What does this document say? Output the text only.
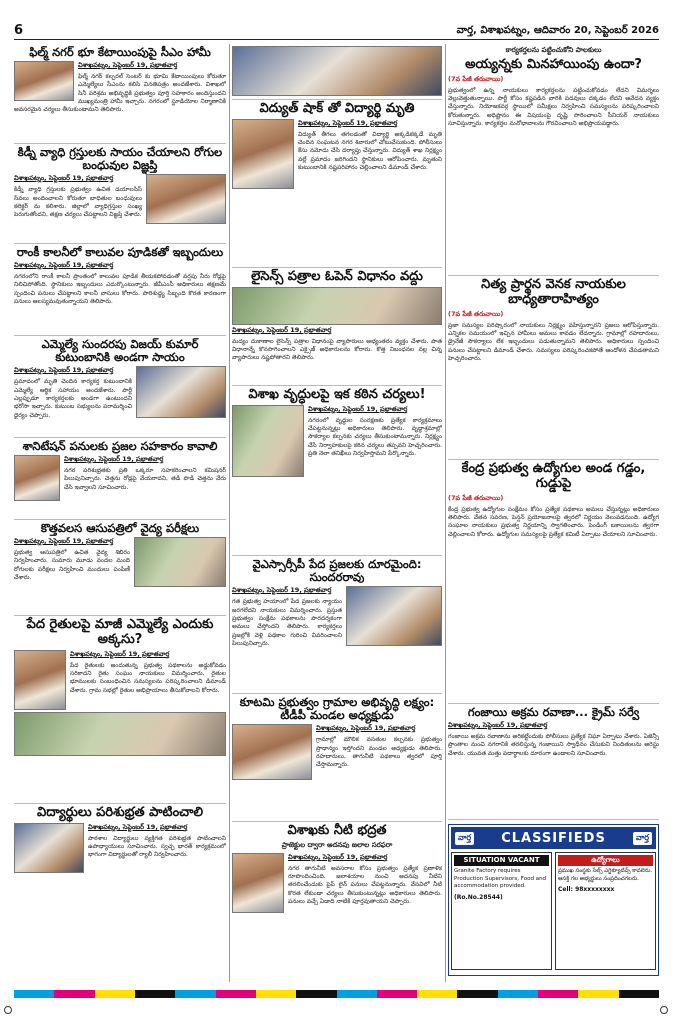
6	వార్త, విశాఖపట్నం, ఆదివారం 20, సెప్టెంబర్ 2026
ఫిల్మ్ నగర్ భూ కేటాయింపుపై సీఎం హామీ
విశాఖపట్నం, సెప్టెంబర్ 19, ప్రభాతవార్త
ఫిల్మ్ నగర్ కల్చరల్ సెంటర్ కు భూమి కేటాయింపులు కోరుతూ ఎమ్మెల్యేలు సీఎంను కలిసి వినతిపత్రం అందజేశారు. విశాఖలో సినీ పరిశ్రమ అభివృద్ధికి ప్రభుత్వం పూర్తి సహకారం అందిస్తుందని ముఖ్యమంత్రి హామీ ఇచ్చారు. నగరంలో స్టూడియోల నిర్మాణానికి అవసరమైన చర్యలు తీసుకుంటామని తెలిపారు.
కిడ్నీ వ్యాధి గ్రస్తులకు సాయం చేయాలని రోగుల బంధువుల విజ్ఞప్తి
విశాఖపట్నం, సెప్టెంబర్ 19, ప్రభాతవార్త
కిడ్నీ వ్యాధి గ్రస్తులకు ప్రభుత్వం ఉచిత డయాలసిస్ సేవలు అందించాలని కోరుతూ బాధితుల బంధువులు కలెక్టర్ ను కలిశారు. జిల్లాలో వ్యాధిగ్రస్తుల సంఖ్య పెరుగుతోందని, తక్షణ చర్యలు చేపట్టాలని విజ్ఞప్తి చేశారు.
రాంకీ కాలనీలో కాలువల పూడికతో ఇబ్బందులు
విశాఖపట్నం, సెప్టెంబర్ 19, ప్రభాతవార్త
నగరంలోని రాంకీ కాలనీ ప్రాంతంలో కాలువల పూడిక తీయకపోవడంతో వర్షపు నీరు రోడ్లపై నిలిచిపోతోంది. స్థానికులు ఇబ్బందులు ఎదుర్కొంటున్నారు. జీవీఎంసీ అధికారులు తక్షణమే స్పందించి పనులు చేపట్టాలని కాలనీ వాసులు కోరారు. పారిశుద్ధ్య సిబ్బంది కొరత కారణంగా పనులు ఆలస్యమవుతున్నాయని తెలిపారు.
ఎమ్మెల్యే సుందరపు విజయ్ కుమార్ కుటుంబానికి అండగా సాయం
విశాఖపట్నం, సెప్టెంబర్ 19, ప్రభాతవార్త
ప్రమాదంలో మృతి చెందిన కార్యకర్త కుటుంబానికి ఎమ్మెల్యే ఆర్థిక సహాయం అందజేశారు. పార్టీ ఎల్లప్పుడూ కార్యకర్తలకు అండగా ఉంటుందని భరోసా ఇచ్చారు. కుటుంబ సభ్యులను పరామర్శించి ధైర్యం చెప్పారు.
శానిటేషన్ పనులకు ప్రజల సహకారం కావాలి
విశాఖపట్నం, సెప్టెంబర్ 19, ప్రభాతవార్త
నగర పరిశుభ్రతకు ప్రతి ఒక్కరూ సహకరించాలని కమిషనర్ పిలుపునిచ్చారు. చెత్తను రోడ్లపై వేయరాదని, తడి పొడి చెత్తను వేరు చేసి ఇవ్వాలని సూచించారు.
కొత్తవలస ఆసుపత్రిలో వైద్య పరీక్షలు
విశాఖపట్నం, సెప్టెంబర్ 19, ప్రభాతవార్త
ప్రభుత్వ ఆసుపత్రిలో ఉచిత వైద్య శిబిరం నిర్వహించారు. సుమారు మూడు వందల మంది రోగులకు పరీక్షలు నిర్వహించి మందులు పంపిణీ చేశారు.
పేద రైతులపై మాజీ ఎమ్మెల్యే ఎందుకు అక్కసు?
విశాఖపట్నం, సెప్టెంబర్ 19, ప్రభాతవార్త
పేద రైతులకు అందుతున్న ప్రభుత్వ పథకాలను అడ్డుకోవడం సరికాదని రైతు సంఘం నాయకులు విమర్శించారు. రైతుల భూములకు సంబంధించిన సమస్యలను పరిష్కరించాలని డిమాండ్ చేశారు. గ్రామ సభల్లో రైతుల అభిప్రాయాలు తీసుకోవాలని కోరారు.
విద్యార్థులు పరిశుభ్రత పాటించాలి
విశాఖపట్నం, సెప్టెంబర్ 19, ప్రభాతవార్త
పాఠశాల విద్యార్థులు వ్యక్తిగత పరిశుభ్రత పాటించాలని ఉపాధ్యాయులు సూచించారు. స్వచ్ఛ భారత్ కార్యక్రమంలో భాగంగా విద్యార్థులతో ర్యాలీ నిర్వహించారు.
విద్యుత్ షాక్ తో విద్యార్థి మృతి
విశాఖపట్నం, సెప్టెంబర్ 19, ప్రభాతవార్త
విద్యుత్ తీగలు తగలడంతో విద్యార్థి అక్కడికక్కడే మృతి చెందిన సంఘటన నగర శివారులో చోటుచేసుకుంది. పోలీసులు కేసు నమోదు చేసి దర్యాప్తు చేస్తున్నారు. విద్యుత్ శాఖ నిర్లక్ష్యం వల్లే ప్రమాదం జరిగిందని స్థానికులు ఆరోపించారు. మృతుని కుటుంబానికి నష్టపరిహారం చెల్లించాలని డిమాండ్ చేశారు.
లైసెన్స్ పత్రాల ఓపెన్ విధానం వద్దు
విశాఖపట్నం, సెప్టెంబర్ 19, ప్రభాతవార్త
మద్యం దుకాణాల లైసెన్స్ పత్రాల విధానంపై వ్యాపారులు అభ్యంతరం వ్యక్తం చేశారు. పాత విధానాన్నే కొనసాగించాలని ఎక్సైజ్ అధికారులను కోరారు. కొత్త నిబంధనల వల్ల చిన్న వ్యాపారులు నష్టపోతారని తెలిపారు.
విశాఖ వృద్ధులపై ఇక కఠిన చర్యలు!
విశాఖపట్నం, సెప్టెంబర్ 19, ప్రభాతవార్త
నగరంలో వృద్ధుల సంరక్షణకు ప్రత్యేక కార్యక్రమాలు చేపట్టనున్నట్లు అధికారులు తెలిపారు. వృద్ధాశ్రమాల్లో సౌకర్యాల కల్పనకు చర్యలు తీసుకుంటామన్నారు. నిర్లక్ష్యం చేసే నిర్వాహకులపై కఠిన చర్యలు తప్పవని హెచ్చరించారు. ప్రతి నెలా తనిఖీలు నిర్వహిస్తామని పేర్కొన్నారు.
వైఎస్సార్సీపీ పేద ప్రజలకు దూరమైంది: సుందరరావు
విశాఖపట్నం, సెప్టెంబర్ 19, ప్రభాతవార్త
గత ప్రభుత్వ హయాంలో పేద ప్రజలకు న్యాయం జరగలేదని నాయకులు విమర్శించారు. ప్రస్తుత ప్రభుత్వం సంక్షేమ పథకాలను పారదర్శకంగా అమలు చేస్తోందని తెలిపారు. కార్యకర్తలు ప్రజల్లోకి వెళ్లి పథకాల గురించి వివరించాలని పిలుపునిచ్చారు.
కూటమి ప్రభుత్వం గ్రామాల అభివృద్ధి లక్ష్యం: టీడీపీ మండల అధ్యక్షుడు
విశాఖపట్నం, సెప్టెంబర్ 19, ప్రభాతవార్త
గ్రామాల్లో మౌలిక వసతుల కల్పనకు ప్రభుత్వం ప్రాధాన్యం ఇస్తోందని మండల అధ్యక్షుడు తెలిపారు. రహదారులు, తాగునీటి పథకాలు త్వరలో పూర్తి చేస్తామన్నారు.
విశాఖకు నీటి భద్రత
ప్రాజెక్టుల ద్వారా అదనపు జలాల సరఫరా
విశాఖపట్నం, సెప్టెంబర్ 19, ప్రభాతవార్త
నగర తాగునీటి అవసరాల కోసం ప్రభుత్వం ప్రత్యేక ప్రణాళిక రూపొందించింది. జలాశయాల నుంచి అదనపు నీటిని తరలించేందుకు పైప్ లైన్ పనులు చేపట్టనున్నారు. వేసవిలో నీటి కొరత లేకుండా చర్యలు తీసుకుంటున్నట్లు అధికారులు తెలిపారు. పనులు వచ్చే ఏడాది నాటికి పూర్తవుతాయని చెప్పారు.
కార్యకర్తలను పట్టించుకోని పాలకులు
అయ్యన్నకు మినహాయింపు ఉందా?
(7వ పేజీ తరువాయి)
ప్రభుత్వంలో ఉన్న నాయకులు కార్యకర్తలను పట్టించుకోవడం లేదని విమర్శలు వెల్లువెత్తుతున్నాయి. పార్టీ కోసం కష్టపడిన వారికి పదవులు దక్కడం లేదని ఆవేదన వ్యక్తం చేస్తున్నారు. నియోజకవర్గ స్థాయిలో సమీక్షలు నిర్వహించి సమస్యలను పరిష్కరించాలని కోరుతున్నారు. అధిష్టానం ఈ విషయంపై దృష్టి సారించాలని సీనియర్ నాయకులు సూచిస్తున్నారు. కార్యకర్తల మనోభావాలను గౌరవించాలని అభిప్రాయపడ్డారు.
నిత్య ప్రార్థన వెనక నాయకుల బాధ్యతారాహిత్యం
(7వ పేజీ తరువాయి)
ప్రజా సమస్యల పరిష్కారంలో నాయకులు నిర్లక్ష్యం వహిస్తున్నారని ప్రజలు ఆరోపిస్తున్నారు. ఎన్నికల సమయంలో ఇచ్చిన హామీలు అమలు కావడం లేదన్నారు. గ్రామాల్లో రహదారులు, డ్రైనేజీ సౌకర్యాలు లేక ఇబ్బందులు పడుతున్నామని తెలిపారు. అధికారులు స్పందించి పనులు చేపట్టాలని డిమాండ్ చేశారు. సమస్యలు పరిష్కరించకపోతే ఆందోళన చేపడతామని హెచ్చరించారు.
కేంద్ర ప్రభుత్వ ఉద్యోగుల అండ గడ్డం, గుడ్డుపై
(7వ పేజీ తరువాయి)
కేంద్ర ప్రభుత్వ ఉద్యోగుల సంక్షేమం కోసం ప్రత్యేక పథకాలు అమలు చేస్తున్నట్లు అధికారులు తెలిపారు. వేతన సవరణ, పెన్షన్ ప్రయోజనాలపై త్వరలో నిర్ణయం వెలువడనుంది. ఉద్యోగ సంఘాల నాయకులు ప్రభుత్వ నిర్ణయాన్ని స్వాగతించారు. పెండింగ్ బకాయిలను త్వరగా చెల్లించాలని కోరారు. ఉద్యోగుల సమస్యలపై ప్రత్యేక కమిటీ ఏర్పాటు చేయాలని సూచించారు.
గంజాయి అక్రమ రవాణా... క్రైమ్ సర్వే
విశాఖపట్నం, సెప్టెంబర్ 19, ప్రభాతవార్త
గంజాయి అక్రమ రవాణాను అరికట్టేందుకు పోలీసులు ప్రత్యేక నిఘా ఏర్పాటు చేశారు. ఏజెన్సీ ప్రాంతాల నుంచి నగరానికి తరలిస్తున్న గంజాయిని స్వాధీనం చేసుకుని నిందితులను అరెస్టు చేశారు. యువత మత్తు పదార్థాలకు దూరంగా ఉండాలని సూచించారు.
వార్త	CLASSIFIEDS	వార్త
SITUATION VACANT
Granite Factory requires Production Supervisors, Food and accommodation provided.
(Ro.No.28544)
ఉద్యోగాలు
ప్రముఖ సంస్థకు సేల్స్ ఎగ్జిక్యూటివ్స్ కావలెను. ఆసక్తి గల అభ్యర్థులు సంప్రదించగలరు.
Cell: 98xxxxxxxx
